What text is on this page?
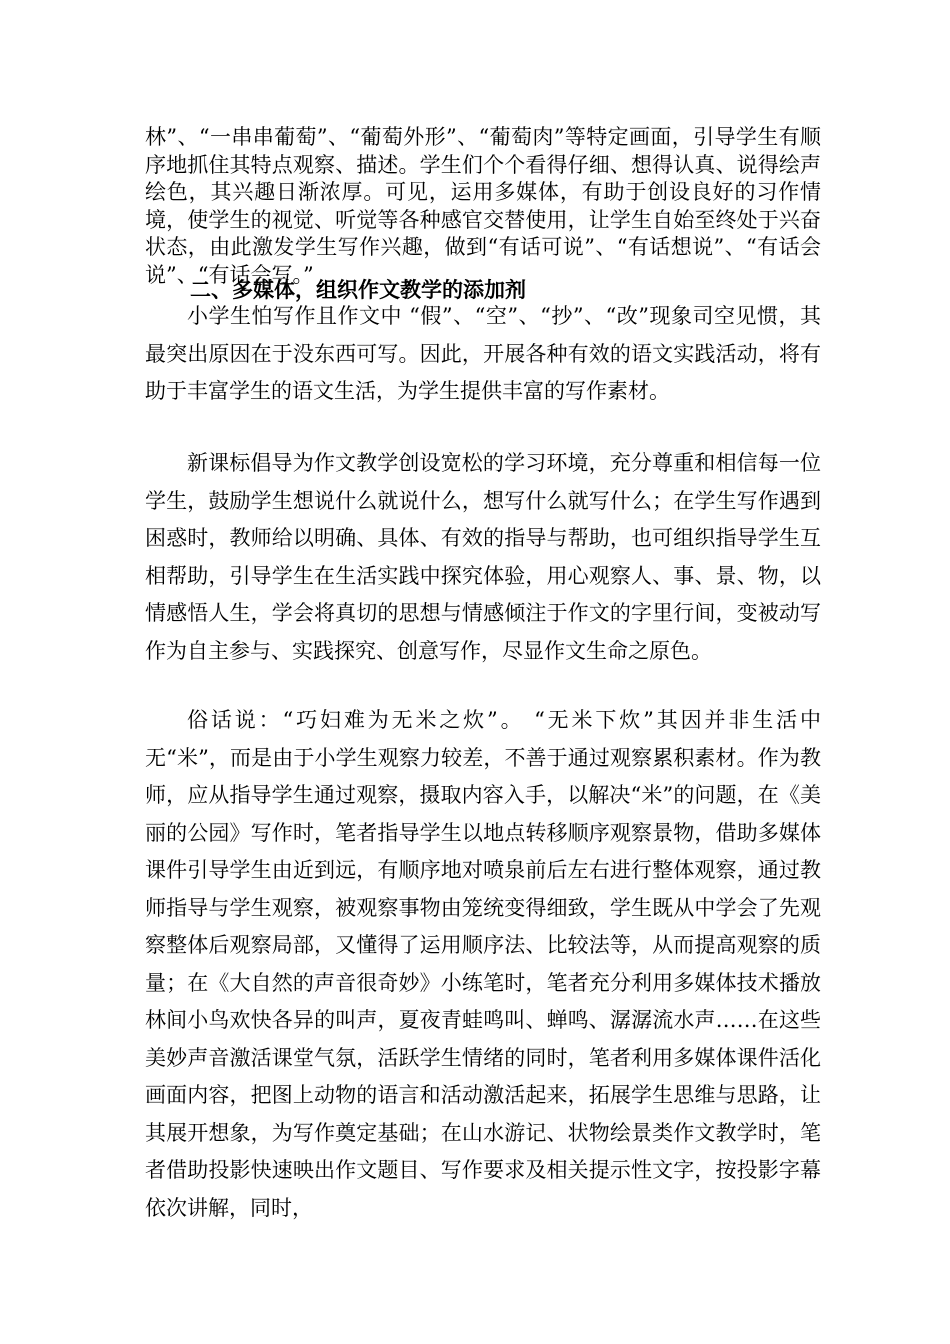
林”、“一串串葡萄”、“葡萄外形”、“葡萄肉”等特定画面，引导学生有顺序地抓住其特点观察、描述。学生们个个看得仔细、想得认真、说得绘声绘色，其兴趣日渐浓厚。可见，运用多媒体，有助于创设良好的习作情境，使学生的视觉、听觉等各种感官交替使用，让学生自始至终处于兴奋状态，由此激发学生写作兴趣，做到“有话可说”、“有话想说”、“有话会说”、“有话会写。”

二、多媒体，组织作文教学的添加剂

小学生怕写作且作文中 “假”、“空”、“抄”、“改”现象司空见惯，其最突出原因在于没东西可写。因此，开展各种有效的语文实践活动，将有助于丰富学生的语文生活，为学生提供丰富的写作素材。

新课标倡导为作文教学创设宽松的学习环境，充分尊重和相信每一位学生，鼓励学生想说什么就说什么，想写什么就写什么；在学生写作遇到困惑时，教师给以明确、具体、有效的指导与帮助，也可组织指导学生互相帮助，引导学生在生活实践中探究体验，用心观察人、事、景、物，以情感悟人生，学会将真切的思想与情感倾注于作文的字里行间，变被动写作为自主参与、实践探究、创意写作，尽显作文生命之原色。

俗话说：“巧妇难为无米之炊”。 “无米下炊”其因并非生活中无“米”，而是由于小学生观察力较差，不善于通过观察累积素材。作为教师，应从指导学生通过观察，摄取内容入手，以解决“米”的问题，在《美丽的公园》写作时，笔者指导学生以地点转移顺序观察景物，借助多媒体课件引导学生由近到远，有顺序地对喷泉前后左右进行整体观察，通过教师指导与学生观察，被观察事物由笼统变得细致，学生既从中学会了先观察整体后观察局部，又懂得了运用顺序法、比较法等，从而提高观察的质量；在《大自然的声音很奇妙》小练笔时，笔者充分利用多媒体技术播放林间小鸟欢快各异的叫声，夏夜青蛙鸣叫、蝉鸣、潺潺流水声……在这些美妙声音激活课堂气氛，活跃学生情绪的同时，笔者利用多媒体课件活化画面内容，把图上动物的语言和活动激活起来，拓展学生思维与思路，让其展开想象，为写作奠定基础；在山水游记、状物绘景类作文教学时，笔者借助投影快速映出作文题目、写作要求及相关提示性文字，按投影字幕依次讲解，同时，
